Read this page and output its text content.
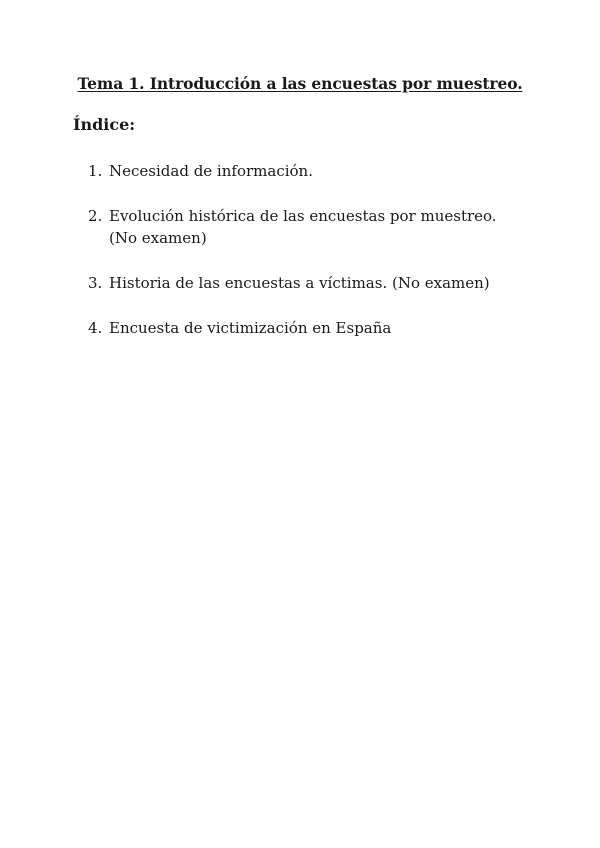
Tema 1. Introducción a las encuestas por muestreo.
Índice:
1. Necesidad de información.
2. Evolución histórica de las encuestas por muestreo. (No examen)
3. Historia de las encuestas a víctimas. (No examen)
4. Encuesta de victimización en España
